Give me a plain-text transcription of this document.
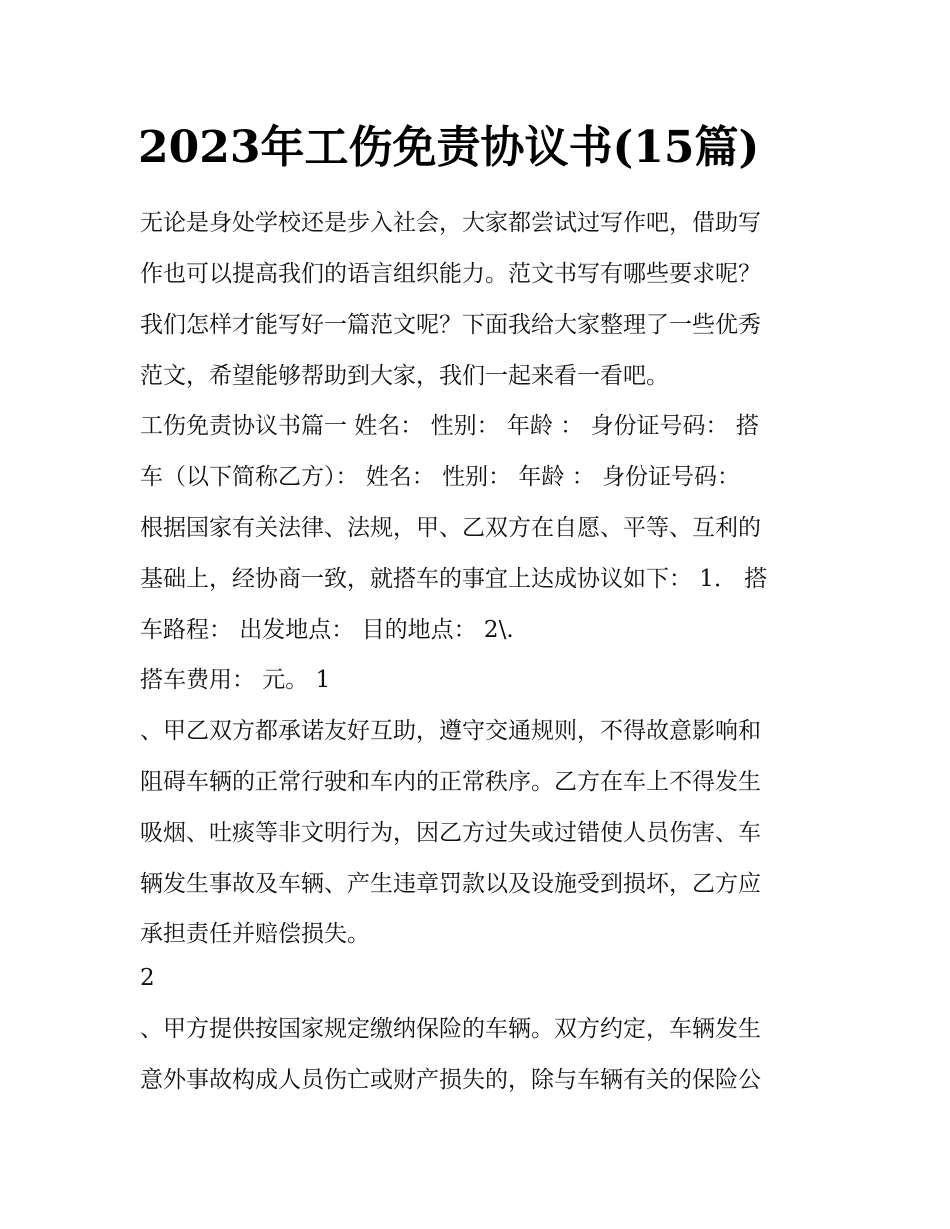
2023年工伤免责协议书(15篇)

无论是身处学校还是步入社会，大家都尝试过写作吧，借助写

作也可以提高我们的语言组织能力。范文书写有哪些要求呢？

我们怎样才能写好一篇范文呢？下面我给大家整理了一些优秀

范文，希望能够帮助到大家，我们一起来看一看吧。

工伤免责协议书篇一 姓名： 性别： 年龄 ： 身份证号码： 搭

车（以下简称乙方）： 姓名： 性别： 年龄 ： 身份证号码：

根据国家有关法律、法规，甲、乙双方在自愿、平等、互利的

基础上，经协商一致，就搭车的事宜上达成协议如下： 1． 搭

车路程： 出发地点： 目的地点： 2\.

搭车费用： 元。 1

、甲乙双方都承诺友好互助，遵守交通规则，不得故意影响和

阻碍车辆的正常行驶和车内的正常秩序。乙方在车上不得发生

吸烟、吐痰等非文明行为，因乙方过失或过错使人员伤害、车

辆发生事故及车辆、产生违章罚款以及设施受到损坏，乙方应

承担责任并赔偿损失。

2

、甲方提供按国家规定缴纳保险的车辆。双方约定，车辆发生

意外事故构成人员伤亡或财产损失的，除与车辆有关的保险公
